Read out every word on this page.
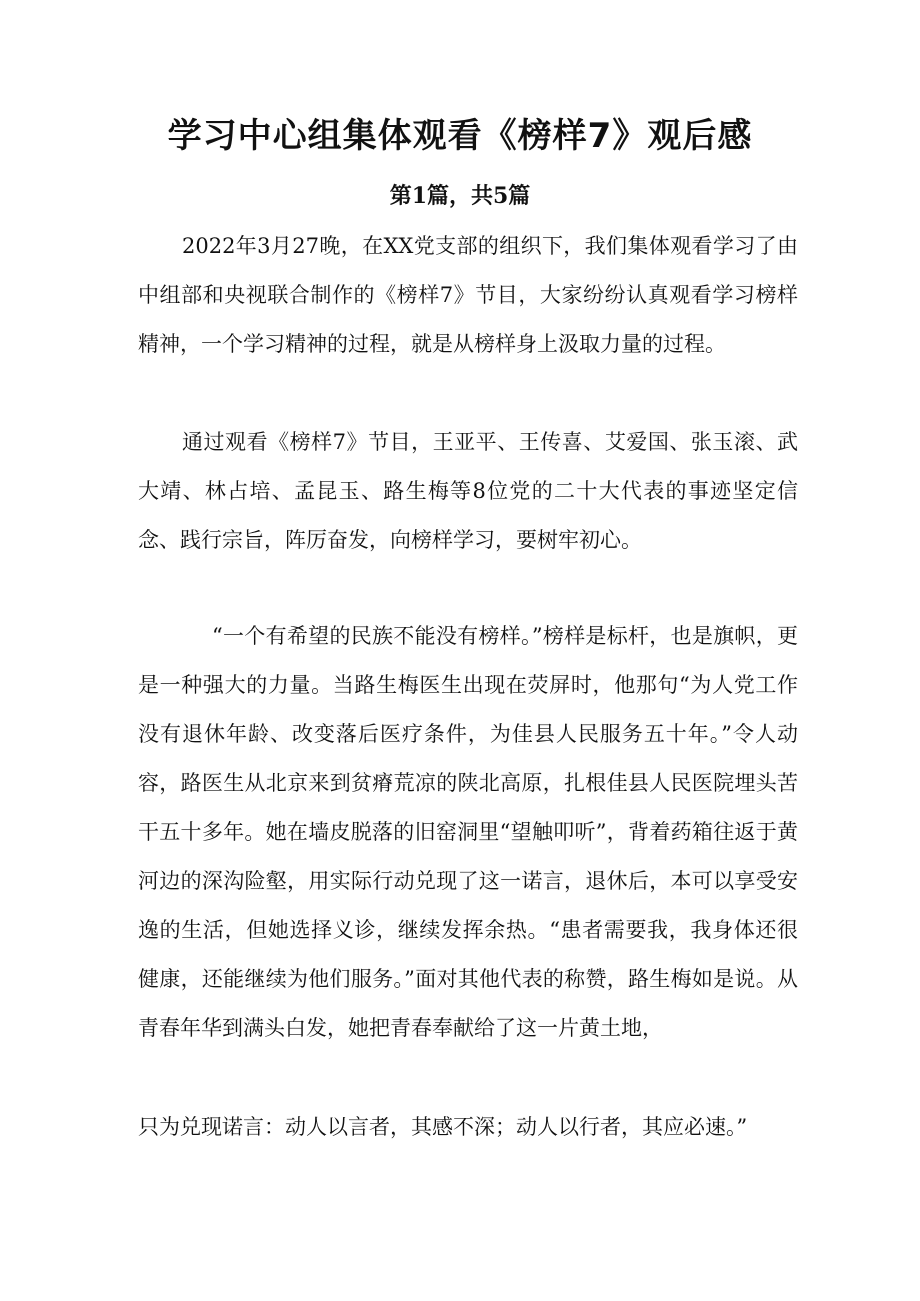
学习中心组集体观看《榜样7》观后感
第1篇，共5篇

2022年3月27晚，在XX党支部的组织下，我们集体观看学习了由中组部和央视联合制作的《榜样7》节目，大家纷纷认真观看学习榜样精神，一个学习精神的过程，就是从榜样身上汲取力量的过程。

通过观看《榜样7》节目，王亚平、王传喜、艾爱国、张玉滚、武大靖、林占培、孟昆玉、路生梅等8位党的二十大代表的事迹坚定信念、践行宗旨，阵厉奋发，向榜样学习，要树牢初心。

“一个有希望的民族不能没有榜样。”榜样是标杆，也是旗帜，更是一种强大的力量。当路生梅医生出现在荧屏时，他那句“为人党工作没有退休年龄、改变落后医疗条件，为佳县人民服务五十年。”令人动容，路医生从北京来到贫瘠荒凉的陕北高原，扎根佳县人民医院埋头苦干五十多年。她在墙皮脱落的旧窑洞里“望触叩听”，背着药箱往返于黄河边的深沟险壑，用实际行动兑现了这一诺言，退休后，本可以享受安逸的生活，但她选择义诊，继续发挥余热。“患者需要我，我身体还很健康，还能继续为他们服务。”面对其他代表的称赞，路生梅如是说。从青春年华到满头白发，她把青春奉献给了这一片黄土地，

只为兑现诺言：动人以言者，其感不深；动人以行者，其应必速。”
